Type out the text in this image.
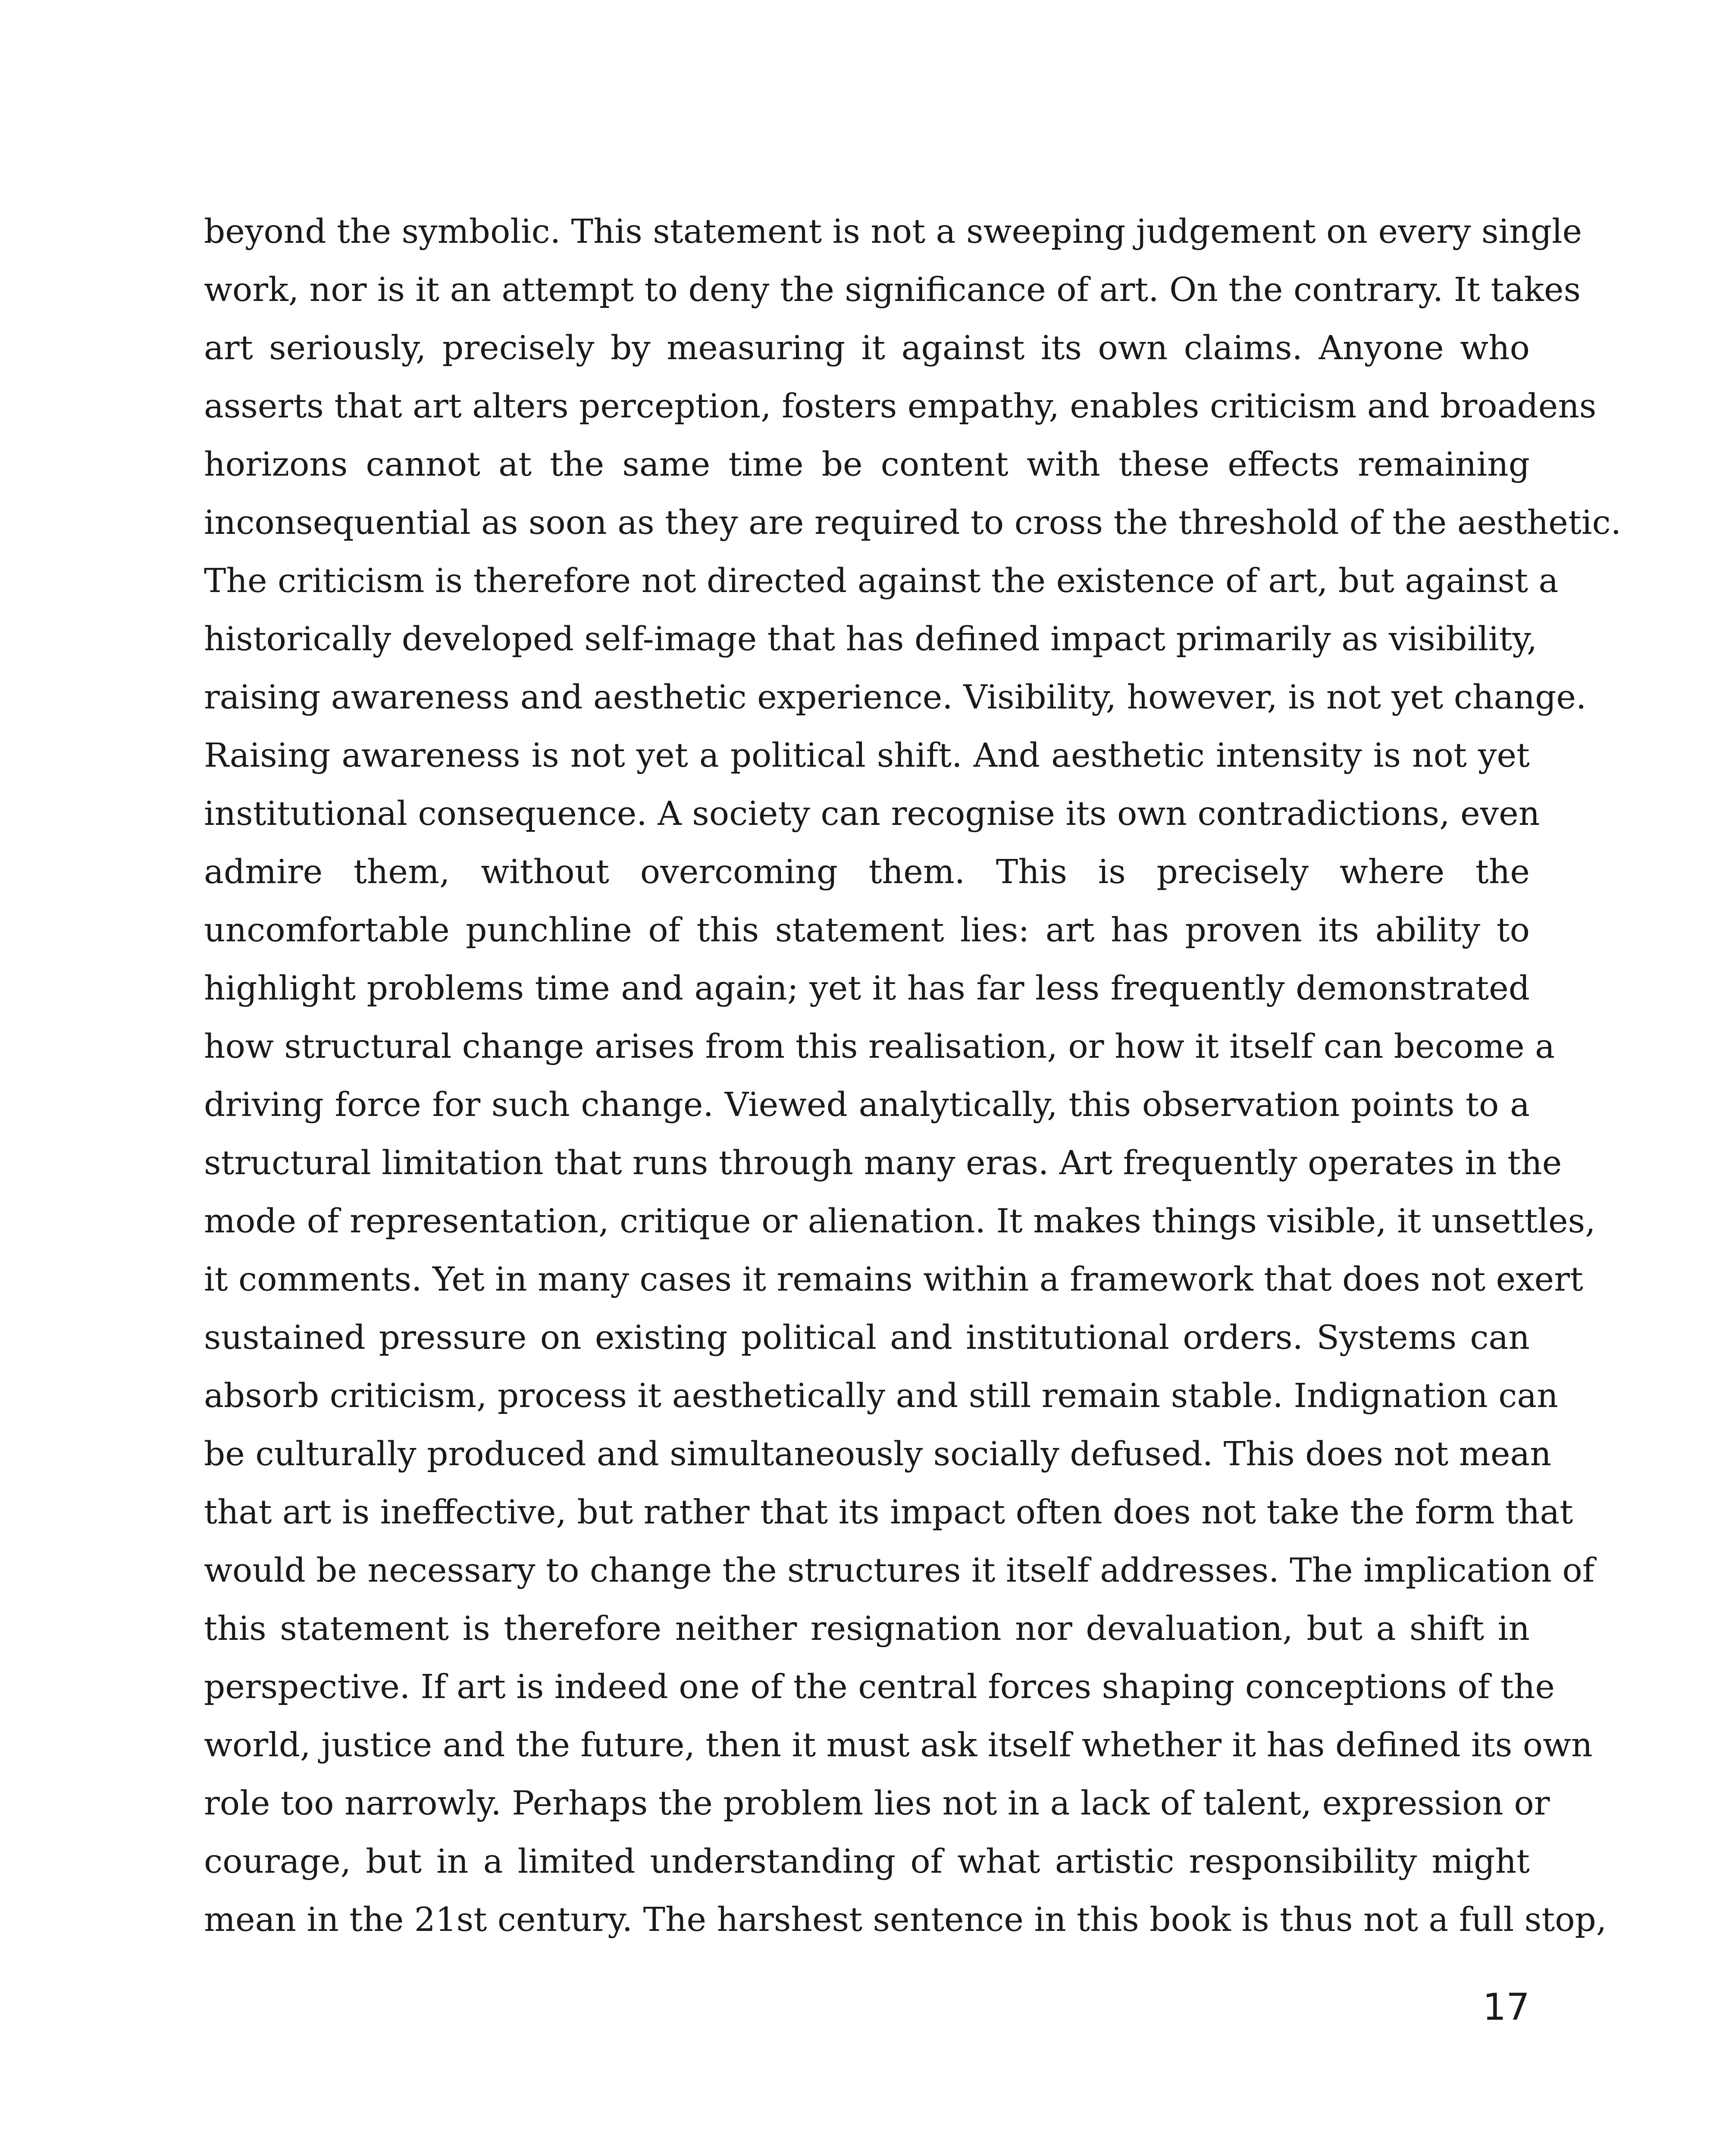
beyond the symbolic. This statement is not a sweeping judgement on every single
work, nor is it an attempt to deny the significance of art. On the contrary. It takes
art seriously, precisely by measuring it against its own claims. Anyone who
asserts that art alters perception, fosters empathy, enables criticism and broadens
horizons cannot at the same time be content with these effects remaining
inconsequential as soon as they are required to cross the threshold of the aesthetic.
The criticism is therefore not directed against the existence of art, but against a
historically developed self-image that has defined impact primarily as visibility,
raising awareness and aesthetic experience. Visibility, however, is not yet change.
Raising awareness is not yet a political shift. And aesthetic intensity is not yet
institutional consequence. A society can recognise its own contradictions, even
admire them, without overcoming them. This is precisely where the
uncomfortable punchline of this statement lies: art has proven its ability to
highlight problems time and again; yet it has far less frequently demonstrated
how structural change arises from this realisation, or how it itself can become a
driving force for such change. Viewed analytically, this observation points to a
structural limitation that runs through many eras. Art frequently operates in the
mode of representation, critique or alienation. It makes things visible, it unsettles,
it comments. Yet in many cases it remains within a framework that does not exert
sustained pressure on existing political and institutional orders. Systems can
absorb criticism, process it aesthetically and still remain stable. Indignation can
be culturally produced and simultaneously socially defused. This does not mean
that art is ineffective, but rather that its impact often does not take the form that
would be necessary to change the structures it itself addresses. The implication of
this statement is therefore neither resignation nor devaluation, but a shift in
perspective. If art is indeed one of the central forces shaping conceptions of the
world, justice and the future, then it must ask itself whether it has defined its own
role too narrowly. Perhaps the problem lies not in a lack of talent, expression or
courage, but in a limited understanding of what artistic responsibility might
mean in the 21st century. The harshest sentence in this book is thus not a full stop,
17
